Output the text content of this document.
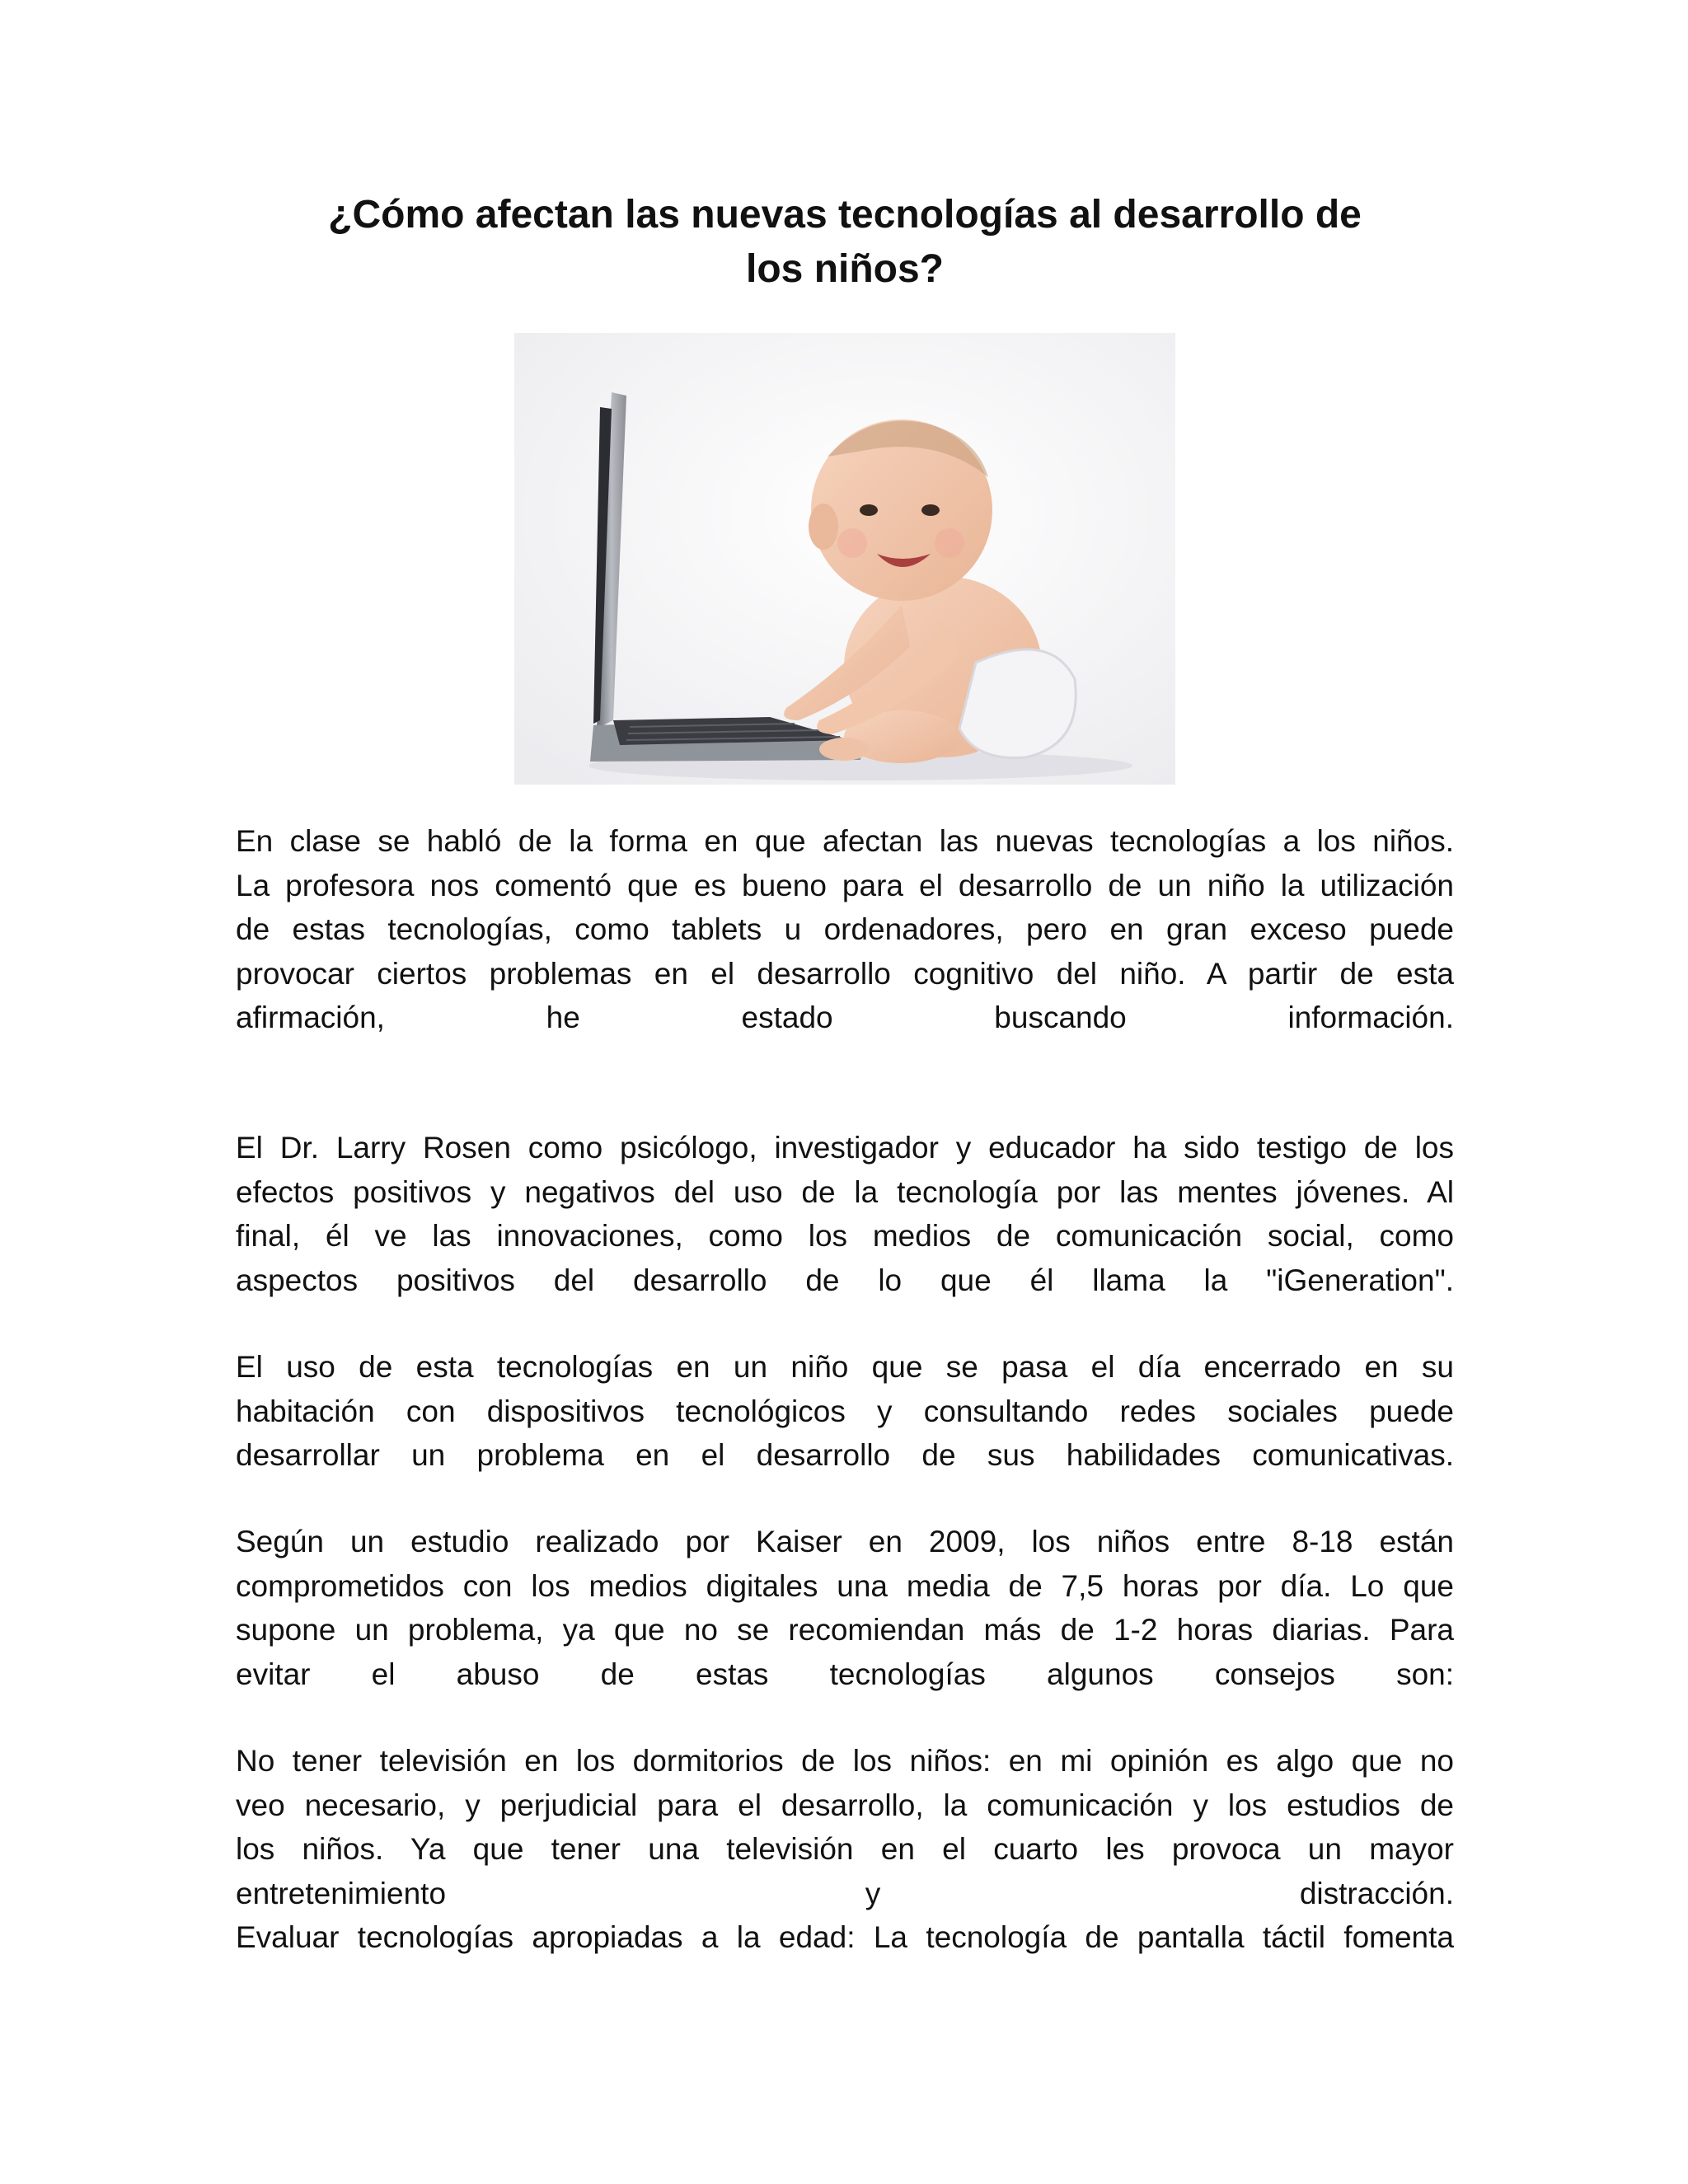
¿Cómo afectan las nuevas tecnologías al desarrollo de
los niños?
En clase se habló de la forma en que afectan las nuevas tecnologías a los niños.
La profesora nos comentó que es bueno para el desarrollo de un niño la utilización
de estas tecnologías, como tablets u ordenadores, pero en gran exceso puede
provocar ciertos problemas en el desarrollo cognitivo del niño. A partir de esta
afirmación, he estado buscando información.
El Dr. Larry Rosen como psicólogo, investigador y educador ha sido testigo de los
efectos positivos y negativos del uso de la tecnología por las mentes jóvenes. Al
final, él ve las innovaciones, como los medios de comunicación social, como
aspectos positivos del desarrollo de lo que él llama la "iGeneration".
El uso de esta tecnologías en un niño que se pasa el día encerrado en su
habitación con dispositivos tecnológicos y consultando redes sociales puede
desarrollar un problema en el desarrollo de sus habilidades comunicativas.
Según un estudio realizado por Kaiser en 2009, los niños entre 8-18 están
comprometidos con los medios digitales una media de 7,5 horas por día. Lo que
supone un problema, ya que no se recomiendan más de 1-2 horas diarias. Para
evitar el abuso de estas tecnologías algunos consejos son:
No tener televisión en los dormitorios de los niños: en mi opinión es algo que no
veo necesario, y perjudicial para el desarrollo, la comunicación y los estudios de
los niños. Ya que tener una televisión en el cuarto les provoca un mayor
entretenimiento y distracción.
Evaluar tecnologías apropiadas a la edad: La tecnología de pantalla táctil fomenta
